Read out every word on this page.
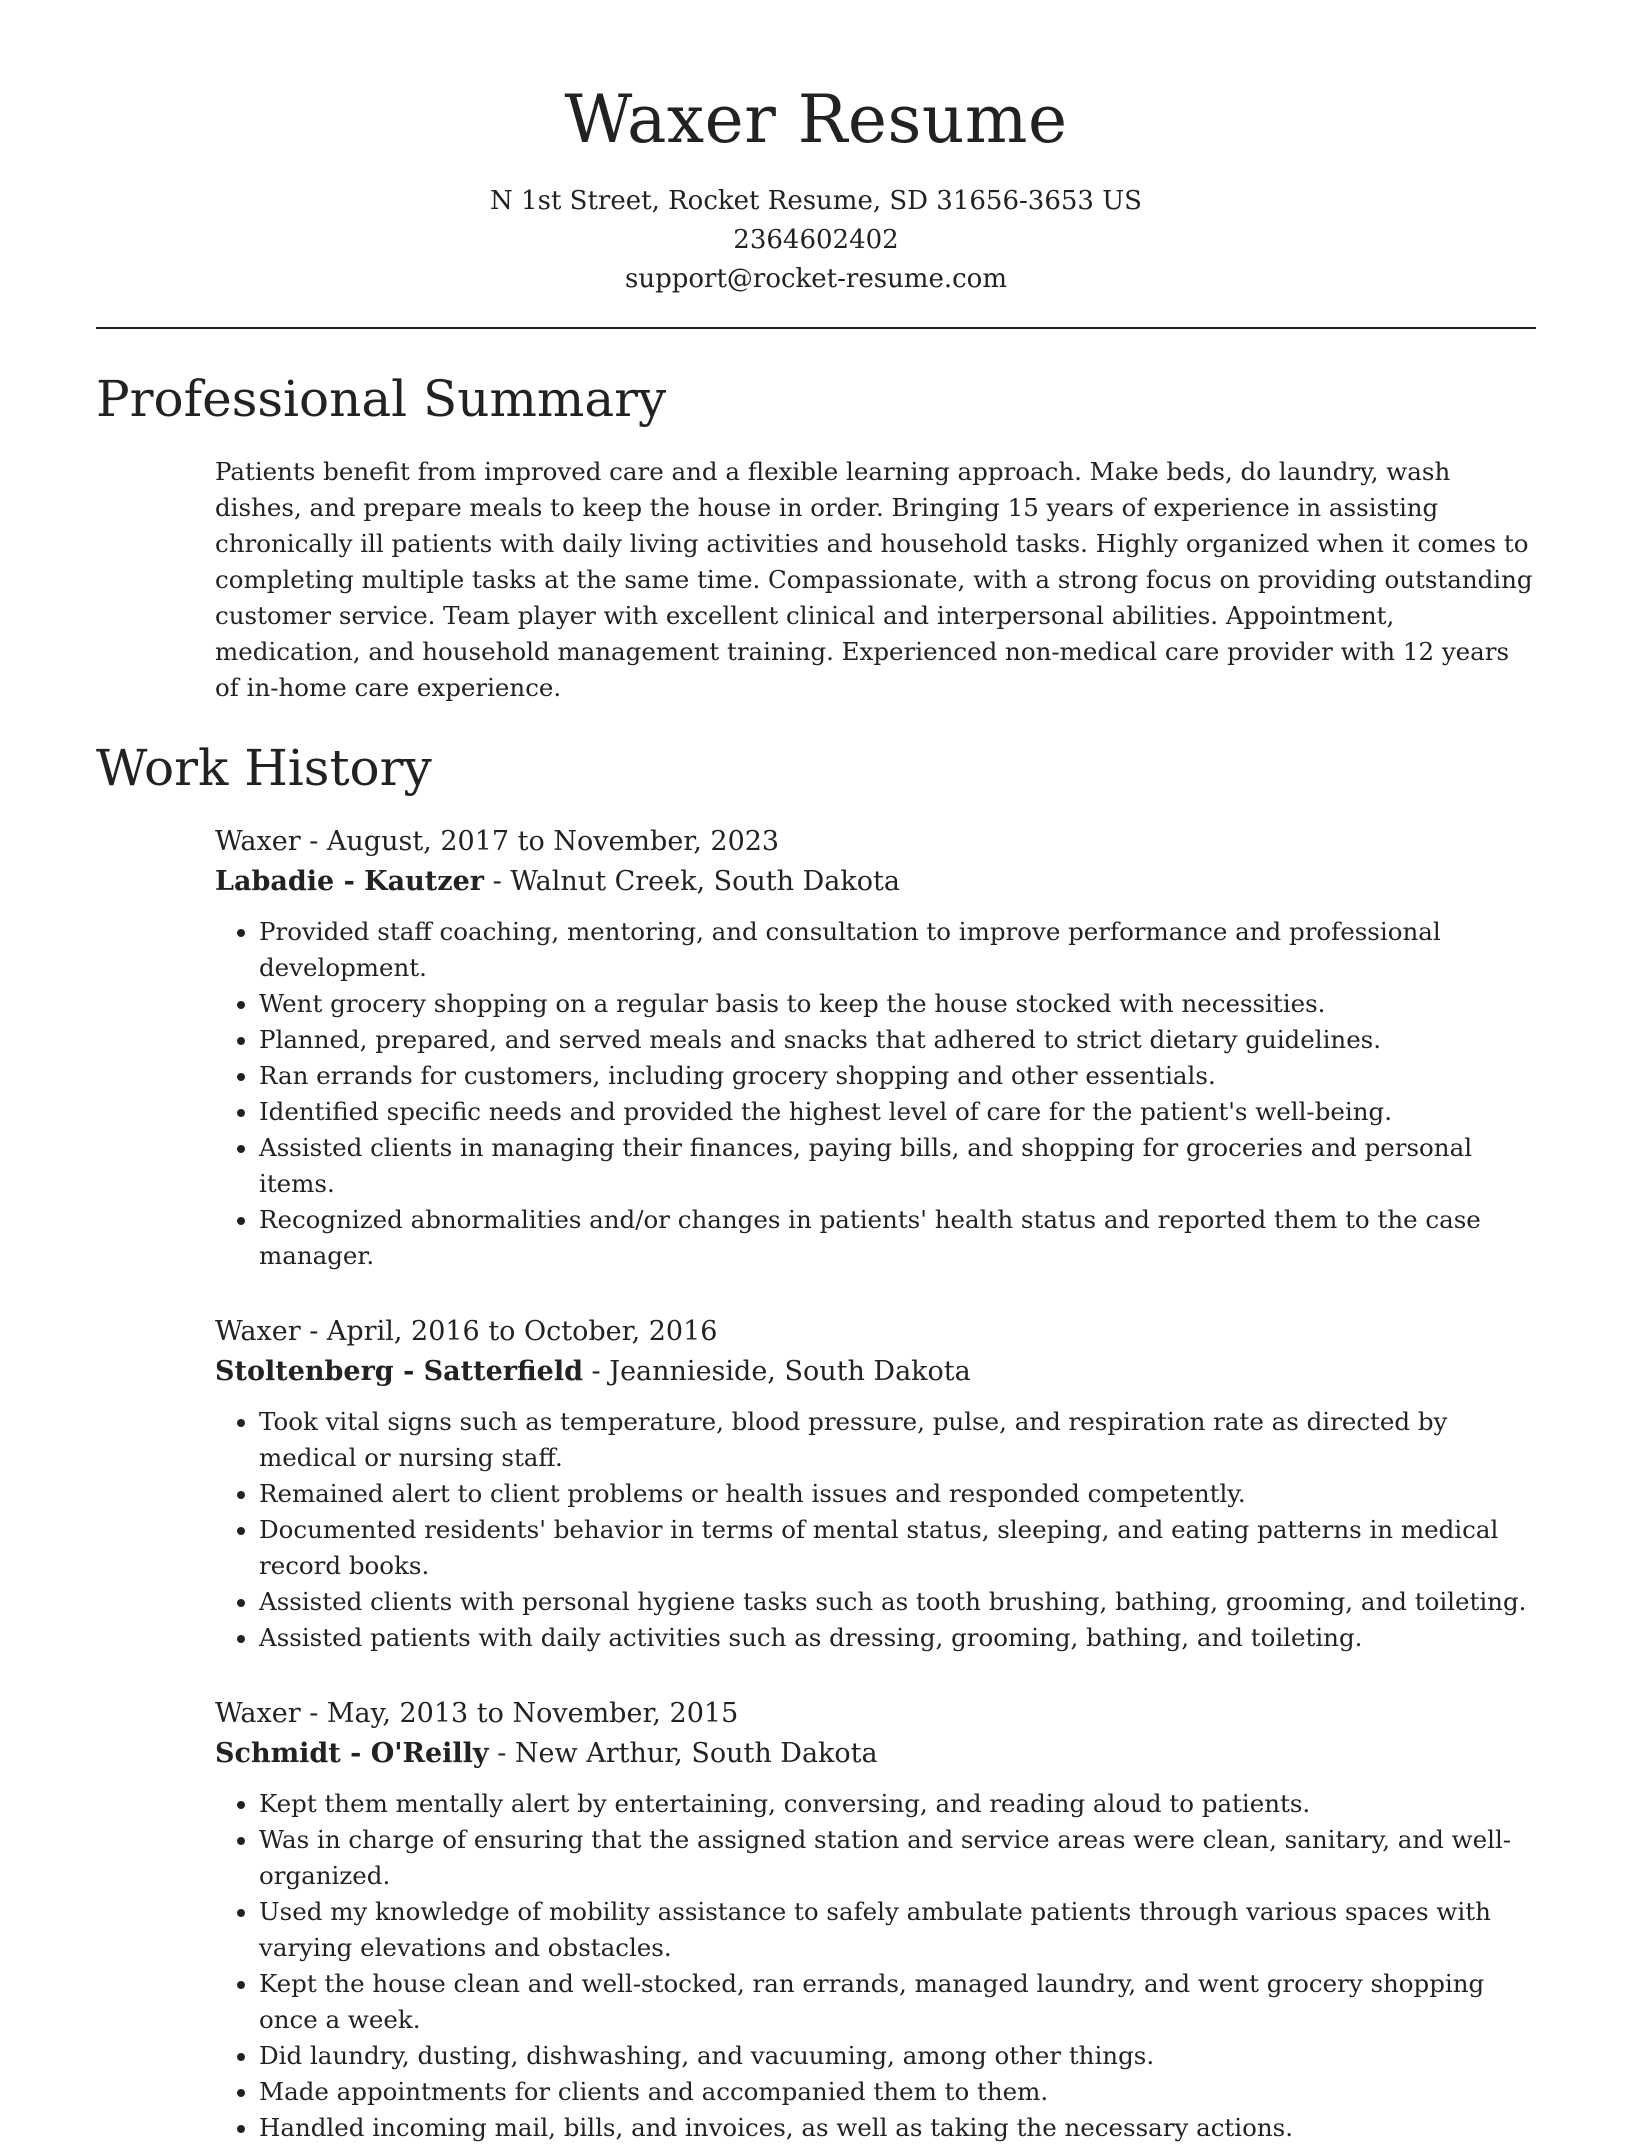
Waxer Resume
N 1st Street, Rocket Resume, SD 31656-3653 US
2364602402
support@rocket-resume.com
Professional Summary

Patients benefit from improved care and a flexible learning approach. Make beds, do laundry, wash dishes, and prepare meals to keep the house in order. Bringing 15 years of experience in assisting chronically ill patients with daily living activities and household tasks. Highly organized when it comes to completing multiple tasks at the same time. Compassionate, with a strong focus on providing outstanding customer service. Team player with excellent clinical and interpersonal abilities. Appointment, medication, and household management training. Experienced non-medical care provider with 12 years of in-home care experience.

Work History
Waxer - August, 2017 to November, 2023
Labadie - Kautzer - Walnut Creek, South Dakota
• Provided staff coaching, mentoring, and consultation to improve performance and professional development.
• Went grocery shopping on a regular basis to keep the house stocked with necessities.
• Planned, prepared, and served meals and snacks that adhered to strict dietary guidelines.
• Ran errands for customers, including grocery shopping and other essentials.
• Identified specific needs and provided the highest level of care for the patient's well-being.
• Assisted clients in managing their finances, paying bills, and shopping for groceries and personal items.
• Recognized abnormalities and/or changes in patients' health status and reported them to the case manager.
Waxer - April, 2016 to October, 2016
Stoltenberg - Satterfield - Jeannieside, South Dakota
• Took vital signs such as temperature, blood pressure, pulse, and respiration rate as directed by medical or nursing staff.
• Remained alert to client problems or health issues and responded competently.
• Documented residents' behavior in terms of mental status, sleeping, and eating patterns in medical record books.
• Assisted clients with personal hygiene tasks such as tooth brushing, bathing, grooming, and toileting.
• Assisted patients with daily activities such as dressing, grooming, bathing, and toileting.
Waxer - May, 2013 to November, 2015
Schmidt - O'Reilly - New Arthur, South Dakota
• Kept them mentally alert by entertaining, conversing, and reading aloud to patients.
• Was in charge of ensuring that the assigned station and service areas were clean, sanitary, and well-organized.
• Used my knowledge of mobility assistance to safely ambulate patients through various spaces with varying elevations and obstacles.
• Kept the house clean and well-stocked, ran errands, managed laundry, and went grocery shopping once a week.
• Did laundry, dusting, dishwashing, and vacuuming, among other things.
• Made appointments for clients and accompanied them to them.
• Handled incoming mail, bills, and invoices, as well as taking the necessary actions.
